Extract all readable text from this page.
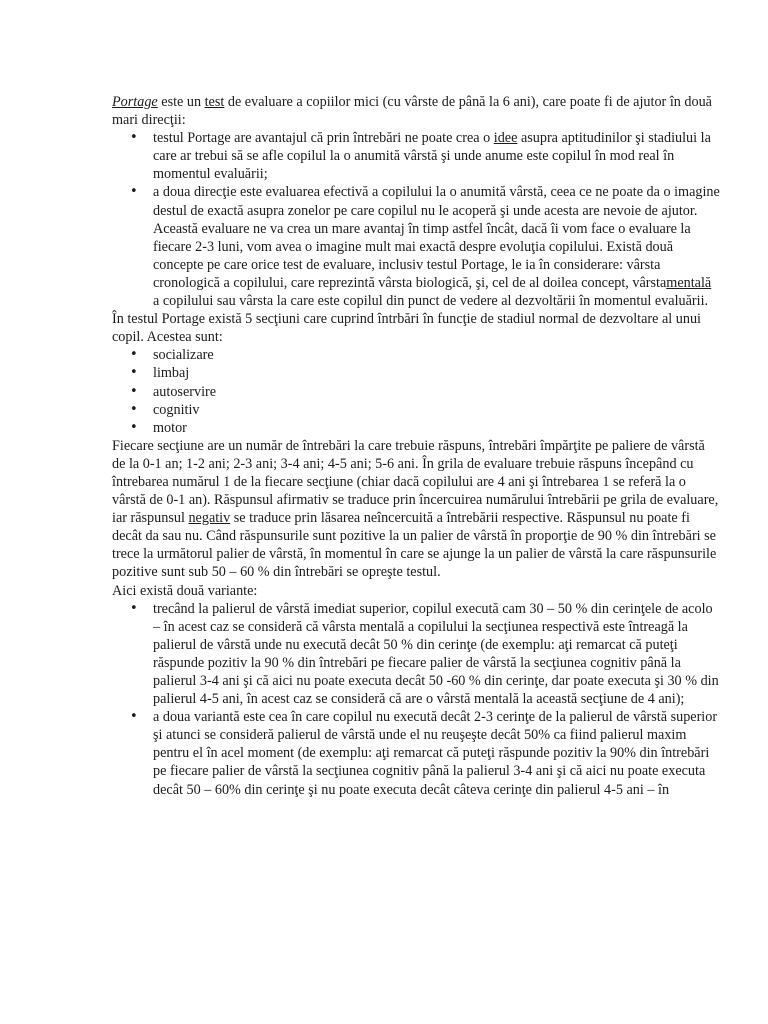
Portage este un test de evaluare a copiilor mici (cu vârste de până la 6 ani), care poate fi de ajutor în două mari direcţii:

• testul Portage are avantajul că prin întrebări ne poate crea o idee asupra aptitudinilor şi stadiului la care ar trebui să se afle copilul la o anumită vârstă şi unde anume este copilul în mod real în momentul evaluării;
• a doua direcţie este evaluarea efectivă a copilului la o anumită vârstă, ceea ce ne poate da o imagine destul de exactă asupra zonelor pe care copilul nu le acoperă şi unde acesta are nevoie de ajutor. Această evaluare ne va crea un mare avantaj în timp astfel încât, dacă îi vom face o evaluare la fiecare 2-3 luni, vom avea o imagine mult mai exactă despre evoluţia copilului. Există două concepte pe care orice test de evaluare, inclusiv testul Portage, le ia în considerare: vârsta cronologică a copilului, care reprezintă vârsta biologică, şi, cel de al doilea concept, vârstamentală a copilului sau vârsta la care este copilul din punct de vedere al dezvoltării în momentul evaluării.

În testul Portage există 5 secţiuni care cuprind întrbări în funcţie de stadiul normal de dezvoltare al unui copil. Acestea sunt:

• socializare
• limbaj
• autoservire
• cognitiv
• motor

Fiecare secţiune are un număr de întrebări la care trebuie răspuns, întrebări împărţite pe paliere de vârstă de la 0-1 an; 1-2 ani; 2-3 ani; 3-4 ani; 4-5 ani; 5-6 ani. În grila de evaluare trebuie răspuns începând cu întrebarea numărul 1 de la fiecare secţiune (chiar dacă copilului are 4 ani şi întrebarea 1 se referă la o vârstă de 0-1 an). Răspunsul afirmativ se traduce prin încercuirea numărului întrebării pe grila de evaluare, iar răspunsul negativ se traduce prin lăsarea neîncercuită a întrebării respective. Răspunsul nu poate fi decât da sau nu. Când răspunsurile sunt pozitive la un palier de vârstă în proporţie de 90 % din întrebări se trece la următorul palier de vârstă, în momentul în care se ajunge la un palier de vârstă la care răspunsurile pozitive sunt sub 50 – 60 % din întrebări se opreşte testul.

Aici există două variante:

• trecând la palierul de vârstă imediat superior, copilul execută cam 30 – 50 % din cerinţele de acolo – în acest caz se consideră că vârsta mentală a copilului la secţiunea respectivă este întreagă la palierul de vârstă unde nu execută decât 50 % din cerinţe (de exemplu: aţi remarcat că puteţi răspunde pozitiv la 90 % din întrebări pe fiecare palier de vârstă la secţiunea cognitiv până la palierul 3-4 ani şi că aici nu poate executa decât 50 -60 % din cerinţe, dar poate executa şi 30 % din palierul 4-5 ani, în acest caz se consideră că are o vârstă mentală la această secţiune de 4 ani);
• a doua variantă este cea în care copilul nu execută decât 2-3 cerinţe de la palierul de vârstă superior şi atunci se consideră palierul de vârstă unde el nu reuşeşte decât 50% ca fiind palierul maxim pentru el în acel moment (de exemplu: aţi remarcat că puteţi răspunde pozitiv la 90% din întrebări pe fiecare palier de vârstă la secţiunea cognitiv până la palierul 3-4 ani şi că aici nu poate executa decât 50 – 60% din cerinţe şi nu poate executa decât câteva cerinţe din palierul 4-5 ani – în
